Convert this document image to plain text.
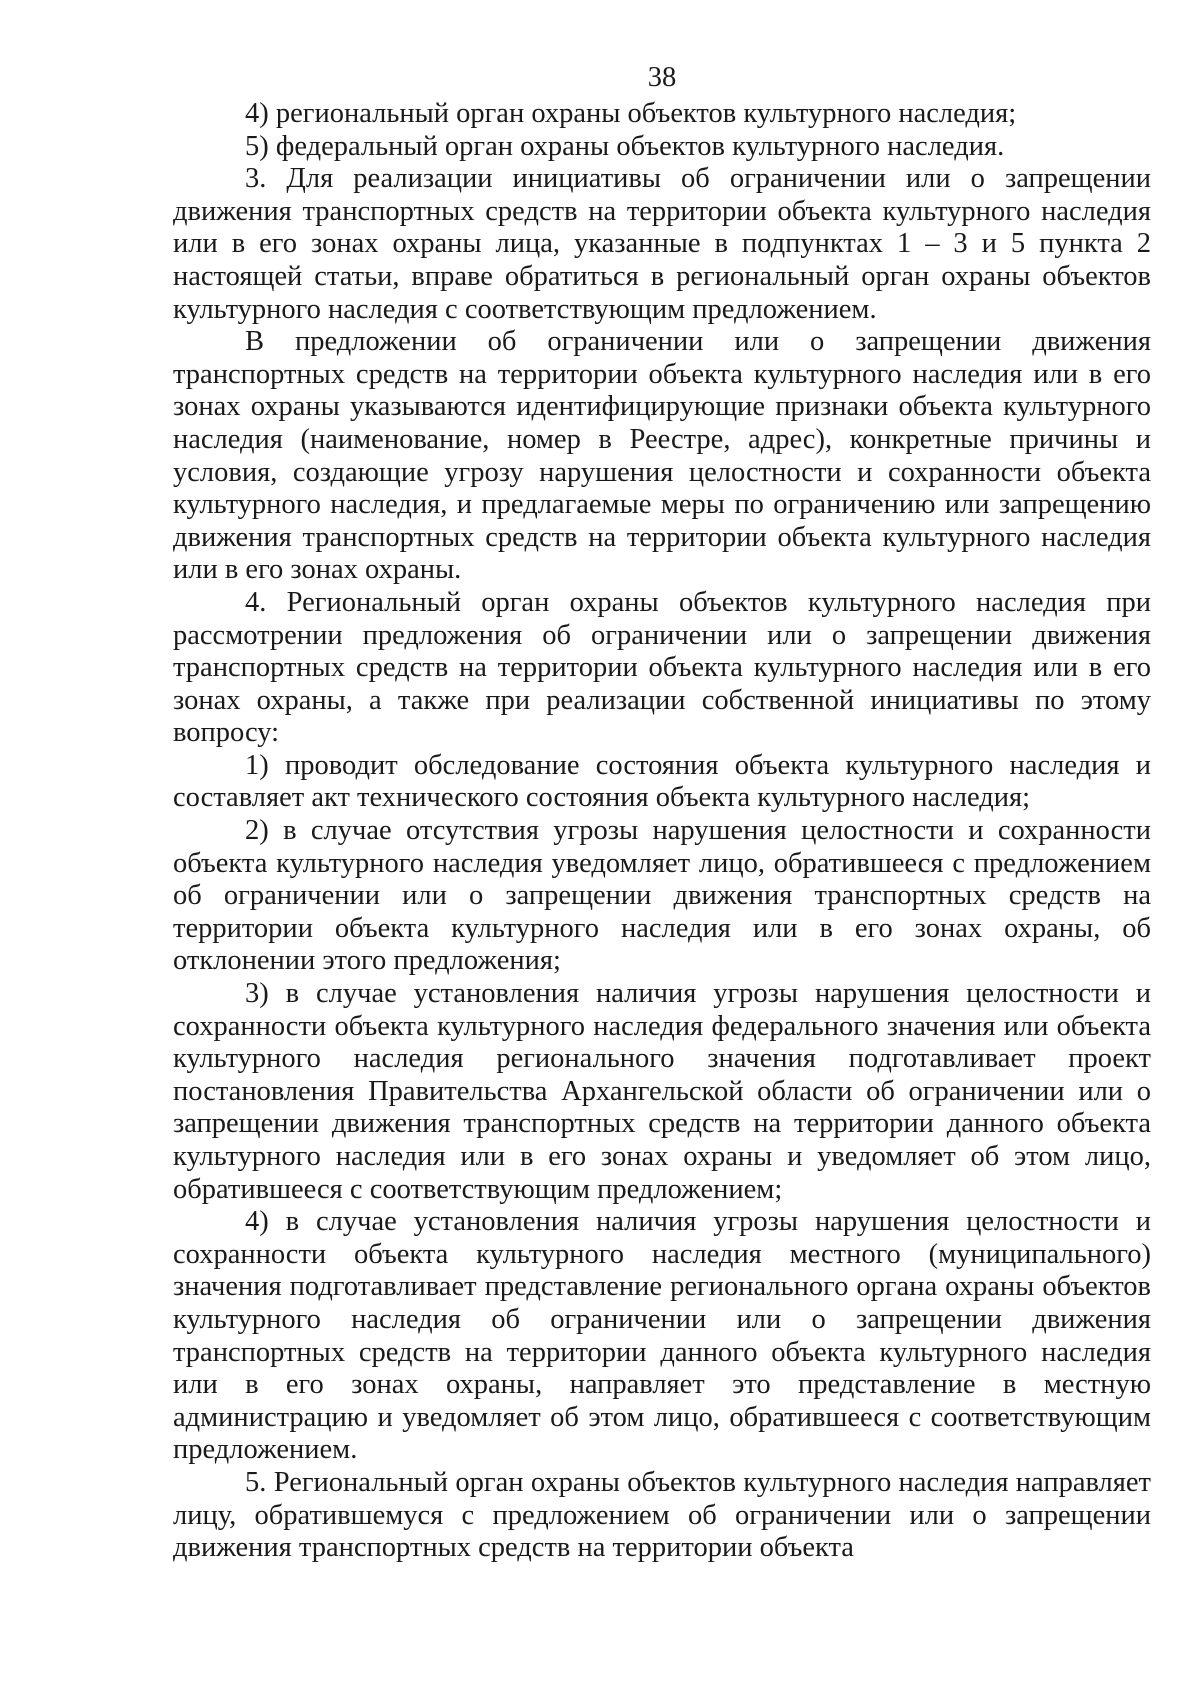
38

4) региональный орган охраны объектов культурного наследия;

5) федеральный орган охраны объектов культурного наследия.

3. Для реализации инициативы об ограничении или о запрещении движения транспортных средств на территории объекта культурного наследия или в его зонах охраны лица, указанные в подпунктах 1 – 3 и 5 пункта 2 настоящей статьи, вправе обратиться в региональный орган охраны объектов культурного наследия с соответствующим предложением.

В предложении об ограничении или о запрещении движения транспортных средств на территории объекта культурного наследия или в его зонах охраны указываются идентифицирующие признаки объекта культурного наследия (наименование, номер в Реестре, адрес), конкретные причины и условия, создающие угрозу нарушения целостности и сохранности объекта культурного наследия, и предлагаемые меры по ограничению или запрещению движения транспортных средств на территории объекта культурного наследия или в его зонах охраны.

4. Региональный орган охраны объектов культурного наследия при рассмотрении предложения об ограничении или о запрещении движения транспортных средств на территории объекта культурного наследия или в его зонах охраны, а также при реализации собственной инициативы по этому вопросу:

1) проводит обследование состояния объекта культурного наследия и составляет акт технического состояния объекта культурного наследия;

2) в случае отсутствия угрозы нарушения целостности и сохранности объекта культурного наследия уведомляет лицо, обратившееся с предложением об ограничении или о запрещении движения транспортных средств на территории объекта культурного наследия или в его зонах охраны, об отклонении этого предложения;

3) в случае установления наличия угрозы нарушения целостности и сохранности объекта культурного наследия федерального значения или объекта культурного наследия регионального значения подготавливает проект постановления Правительства Архангельской области об ограничении или о запрещении движения транспортных средств на территории данного объекта культурного наследия или в его зонах охраны и уведомляет об этом лицо, обратившееся с соответствующим предложением;

4) в случае установления наличия угрозы нарушения целостности и сохранности объекта культурного наследия местного (муниципального) значения подготавливает представление регионального органа охраны объектов культурного наследия об ограничении или о запрещении движения транспортных средств на территории данного объекта культурного наследия или в его зонах охраны, направляет это представление в местную администрацию и уведомляет об этом лицо, обратившееся с соответствующим предложением.

5. Региональный орган охраны объектов культурного наследия направляет лицу, обратившемуся с предложением об ограничении или о запрещении движения транспортных средств на территории объекта
